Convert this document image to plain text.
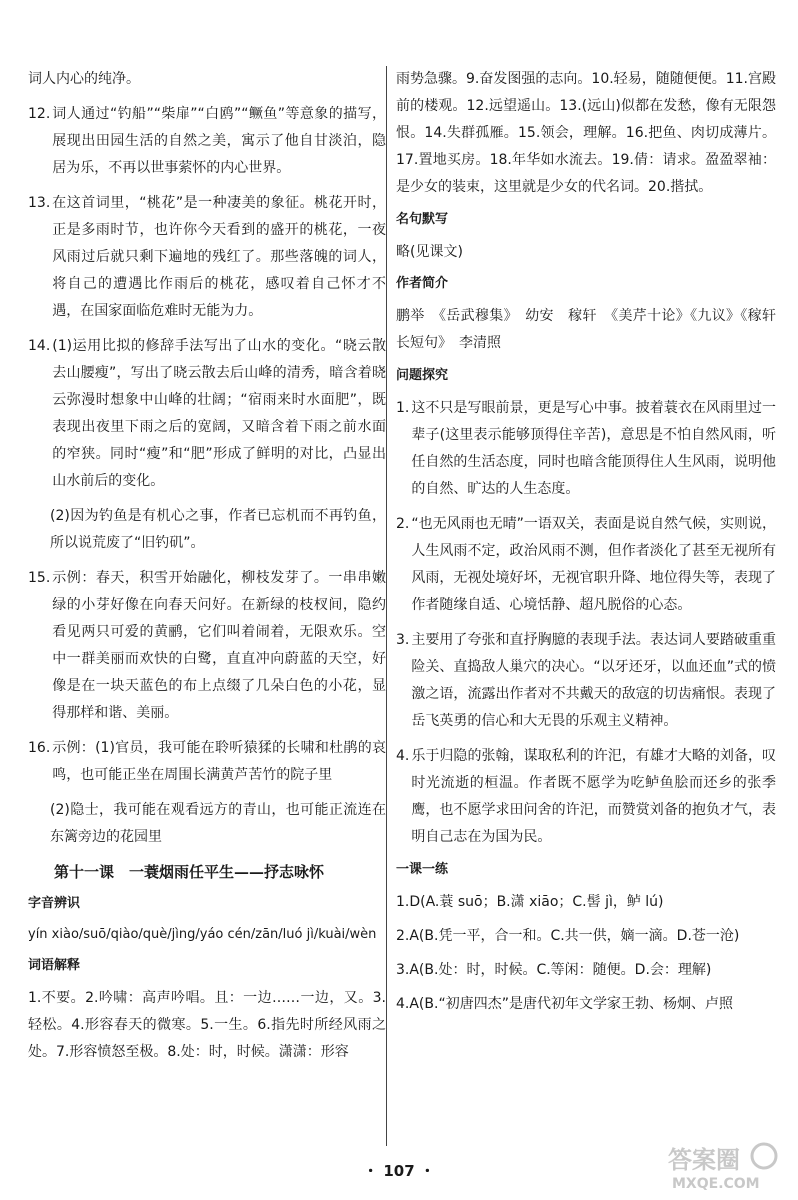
词人内心的纯净。

12. 词人通过“钓船”“柴扉”“白鸥”“鳜鱼”等意象的描写，展现出田园生活的自然之美，寓示了他自甘淡泊，隐居为乐，不再以世事萦怀的内心世界。
13. 在这首词里，“桃花”是一种凄美的象征。桃花开时，正是多雨时节，也许你今天看到的盛开的桃花，一夜风雨过后就只剩下遍地的残红了。那些落魄的词人，将自己的遭遇比作雨后的桃花，感叹着自己怀才不遇，在国家面临危难时无能为力。
14. (1)运用比拟的修辞手法写出了山水的变化。“晓云散去山腰瘦”，写出了晓云散去后山峰的清秀，暗含着晓云弥漫时想象中山峰的壮阔；“宿雨来时水面肥”，既表现出夜里下雨之后的宽阔，又暗含着下雨之前水面的窄狭。同时“瘦”和“肥”形成了鲜明的对比，凸显出山水前后的变化。

(2)因为钓鱼是有机心之事，作者已忘机而不再钓鱼，所以说荒废了“旧钓矶”。

15. 示例：春天，积雪开始融化，柳枝发芽了。一串串嫩绿的小芽好像在向春天问好。在新绿的枝杈间，隐约看见两只可爱的黄鹂，它们叫着闹着，无限欢乐。空中一群美丽而欢快的白鹭，直直冲向蔚蓝的天空，好像是在一块天蓝色的布上点缀了几朵白色的小花，显得那样和谐、美丽。
16. 示例：(1)官员，我可能在聆听猿猱的长啸和杜鹃的哀鸣，也可能正坐在周围长满黄芦苦竹的院子里

(2)隐士，我可能在观看远方的青山，也可能正流连在东篱旁边的花园里

第十一课　一蓑烟雨任平生——抒志咏怀
字音辨识
yín xiào/suō/qiào/què/jìng/yáo cén/zān/luó jì/kuài/wèn
词语解释

1.不要。2.吟啸：高声吟唱。且：一边……一边，又。3.轻松。4.形容春天的微寒。5.一生。6.指先时所经风雨之处。7.形容愤怒至极。8.处：时，时候。潇潇：形容

雨势急骤。9.奋发图强的志向。10.轻易，随随便便。11.宫殿前的楼观。12.远望遥山。13.(远山)似都在发愁，像有无限怨恨。14.失群孤雁。15.领会，理解。16.把鱼、肉切成薄片。17.置地买房。18.年华如水流去。19.倩：请求。盈盈翠袖：是少女的装束，这里就是少女的代名词。20.揩拭。

名句默写
略(见课文)
作者简介

鹏举　《岳武穆集》　幼安　稼轩　《美芹十论》《九议》《稼轩长短句》　李清照

问题探究
1. 这不只是写眼前景，更是写心中事。披着蓑衣在风雨里过一辈子(这里表示能够顶得住辛苦)，意思是不怕自然风雨，听任自然的生活态度，同时也暗含能顶得住人生风雨，说明他的自然、旷达的人生态度。
2. “也无风雨也无晴”一语双关，表面是说自然气候，实则说，人生风雨不定，政治风雨不测，但作者淡化了甚至无视所有风雨，无视处境好坏，无视官职升降、地位得失等，表现了作者随缘自适、心境恬静、超凡脱俗的心态。
3. 主要用了夸张和直抒胸臆的表现手法。表达词人要踏破重重险关、直捣敌人巢穴的决心。“以牙还牙，以血还血”式的愤激之语，流露出作者对不共戴天的敌寇的切齿痛恨。表现了岳飞英勇的信心和大无畏的乐观主义精神。
4. 乐于归隐的张翰，谋取私利的许汜，有雄才大略的刘备，叹时光流逝的桓温。作者既不愿学为吃鲈鱼脍而还乡的张季鹰，也不愿学求田问舍的许汜，而赞赏刘备的抱负才气，表明自己志在为国为民。
一课一练
1.D(A.蓑 suō；B.潇 xiāo；C.髻 jì，鲈 lú)
2.A(B.凭一平，合一和。C.共一供，嫡一滴。D.苍一沧)
3.A(B.处：时，时候。C.等闲：随便。D.会：理解)
4.A(B.“初唐四杰”是唐代初年文学家王勃、杨炯、卢照
・ 107 ・	答案圈
MXQE.COM
